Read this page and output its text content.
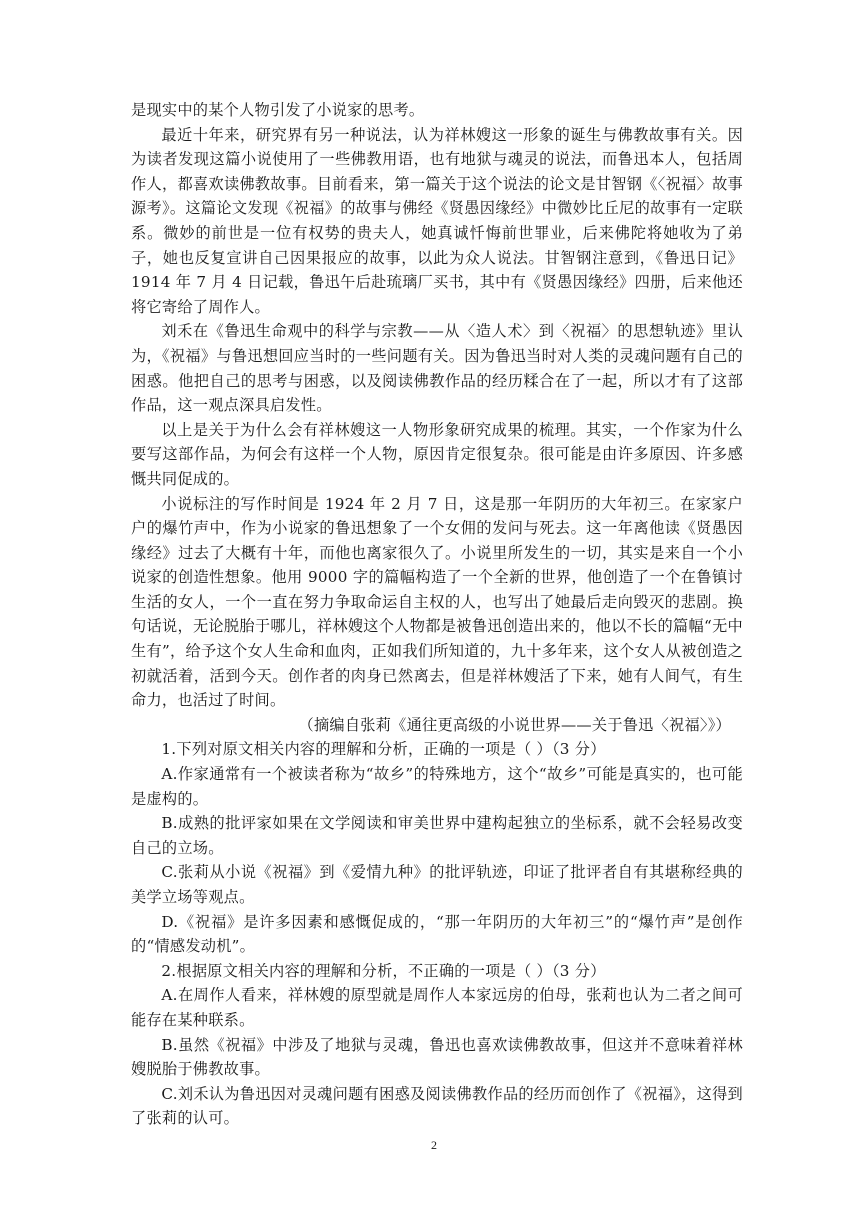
是现实中的某个人物引发了小说家的思考。

最近十年来，研究界有另一种说法，认为祥林嫂这一形象的诞生与佛教故事有关。因为读者发现这篇小说使用了一些佛教用语，也有地狱与魂灵的说法，而鲁迅本人，包括周作人，都喜欢读佛教故事。目前看来，第一篇关于这个说法的论文是甘智钢《〈祝福〉故事源考》。这篇论文发现《祝福》的故事与佛经《贤愚因缘经》中微妙比丘尼的故事有一定联系。微妙的前世是一位有权势的贵夫人，她真诚忏悔前世罪业，后来佛陀将她收为了弟子，她也反复宣讲自己因果报应的故事，以此为众人说法。甘智钢注意到，《鲁迅日记》1914 年 7 月 4 日记载，鲁迅午后赴琉璃厂买书，其中有《贤愚因缘经》四册，后来他还将它寄给了周作人。

刘禾在《鲁迅生命观中的科学与宗教——从〈造人术〉到〈祝福〉的思想轨迹》里认为，《祝福》与鲁迅想回应当时的一些问题有关。因为鲁迅当时对人类的灵魂问题有自己的困惑。他把自己的思考与困惑，以及阅读佛教作品的经历糅合在了一起，所以才有了这部作品，这一观点深具启发性。

以上是关于为什么会有祥林嫂这一人物形象研究成果的梳理。其实，一个作家为什么要写这部作品，为何会有这样一个人物，原因肯定很复杂。很可能是由许多原因、许多感慨共同促成的。

小说标注的写作时间是 1924 年 2 月 7 日，这是那一年阴历的大年初三。在家家户户的爆竹声中，作为小说家的鲁迅想象了一个女佣的发问与死去。这一年离他读《贤愚因缘经》过去了大概有十年，而他也离家很久了。小说里所发生的一切，其实是来自一个小说家的创造性想象。他用 9000 字的篇幅构造了一个全新的世界，他创造了一个在鲁镇讨生活的女人，一个一直在努力争取命运自主权的人，也写出了她最后走向毁灭的悲剧。换句话说，无论脱胎于哪儿，祥林嫂这个人物都是被鲁迅创造出来的，他以不长的篇幅“无中生有”，给予这个女人生命和血肉，正如我们所知道的，九十多年来，这个女人从被创造之初就活着，活到今天。创作者的肉身已然离去，但是祥林嫂活了下来，她有人间气，有生命力，也活过了时间。

（摘编自张莉《通往更高级的小说世界——关于鲁迅〈祝福〉》）

1.下列对原文相关内容的理解和分析，正确的一项是（ ）（3 分）

A.作家通常有一个被读者称为“故乡”的特殊地方，这个“故乡”可能是真实的，也可能是虚构的。

B.成熟的批评家如果在文学阅读和审美世界中建构起独立的坐标系，就不会轻易改变自己的立场。

C.张莉从小说《祝福》到《爱情九种》的批评轨迹，印证了批评者自有其堪称经典的美学立场等观点。

D.《祝福》是许多因素和感慨促成的，“那一年阴历的大年初三”的“爆竹声”是创作的“情感发动机”。

2.根据原文相关内容的理解和分析，不正确的一项是（ ）（3 分）

A.在周作人看来，祥林嫂的原型就是周作人本家远房的伯母，张莉也认为二者之间可能存在某种联系。

B.虽然《祝福》中涉及了地狱与灵魂，鲁迅也喜欢读佛教故事，但这并不意味着祥林嫂脱胎于佛教故事。

C.刘禾认为鲁迅因对灵魂问题有困惑及阅读佛教作品的经历而创作了《祝福》，这得到了张莉的认可。

2
